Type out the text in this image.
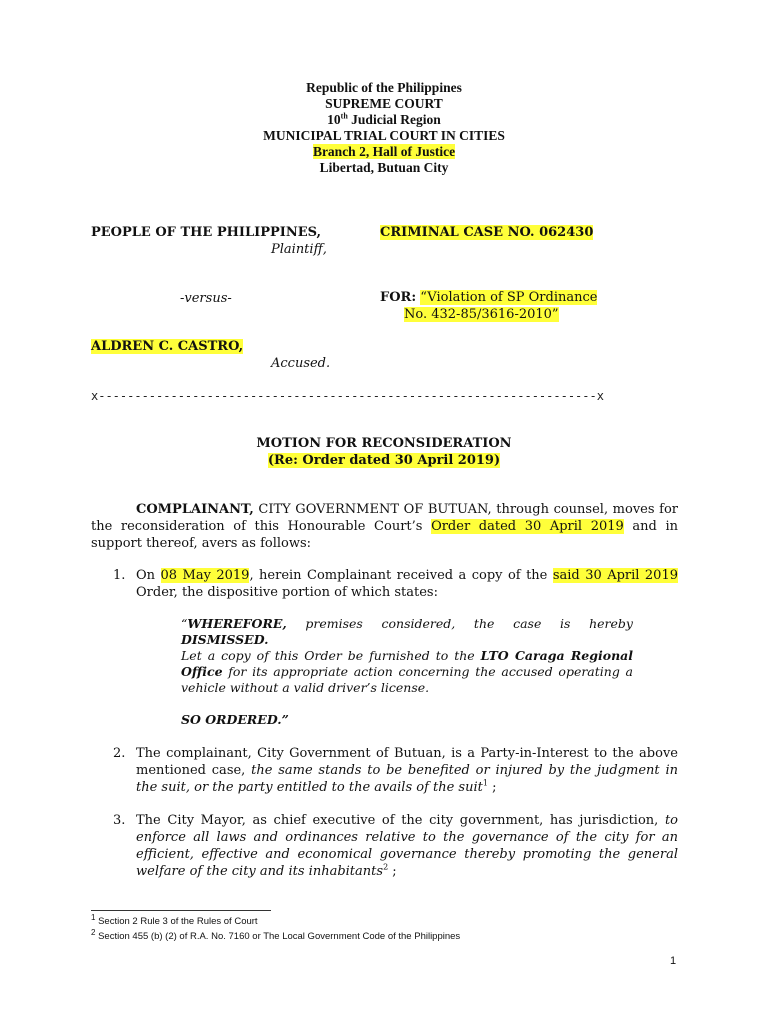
Republic of the Philippines
SUPREME COURT
10th Judicial Region
MUNICIPAL TRIAL COURT IN CITIES
Branch 2, Hall of Justice
Libertad, Butuan City
PEOPLE OF THE PHILIPPINES,
Plaintiff,
-versus-
ALDREN C. CASTRO,
Accused.
CRIMINAL CASE NO. 062430
FOR: “Violation of SP Ordinance
No. 432-85/3616-2010”
x---------------------------------------------------------------------x
MOTION FOR RECONSIDERATION
(Re: Order dated 30 April 2019)
COMPLAINANT, CITY GOVERNMENT OF BUTUAN, through counsel, moves for the reconsideration of this Honourable Court’s Order dated 30 April 2019 and in support thereof, avers as follows:
1. On 08 May 2019, herein Complainant received a copy of the said 30 April 2019 Order, the dispositive portion of which states:
“WHEREFORE, premises considered, the case is hereby DISMISSED.
Let a copy of this Order be furnished to the LTO Caraga Regional Office for its appropriate action concerning the accused operating a vehicle without a valid driver’s license.
SO ORDERED.”
2. The complainant, City Government of Butuan, is a Party-in-Interest to the above mentioned case, the same stands to be benefited or injured by the judgment in the suit, or the party entitled to the avails of the suit$^1$ ;
3. The City Mayor, as chief executive of the city government, has jurisdiction, to enforce all laws and ordinances relative to the governance of the city for an efficient, effective and economical governance thereby promoting the general welfare of the city and its inhabitants$^2$ ;
$^1$ Section 2 Rule 3 of the Rules of Court
$^2$ Section 455 (b) (2) of R.A. No. 7160 or The Local Government Code of the Philippines
1
